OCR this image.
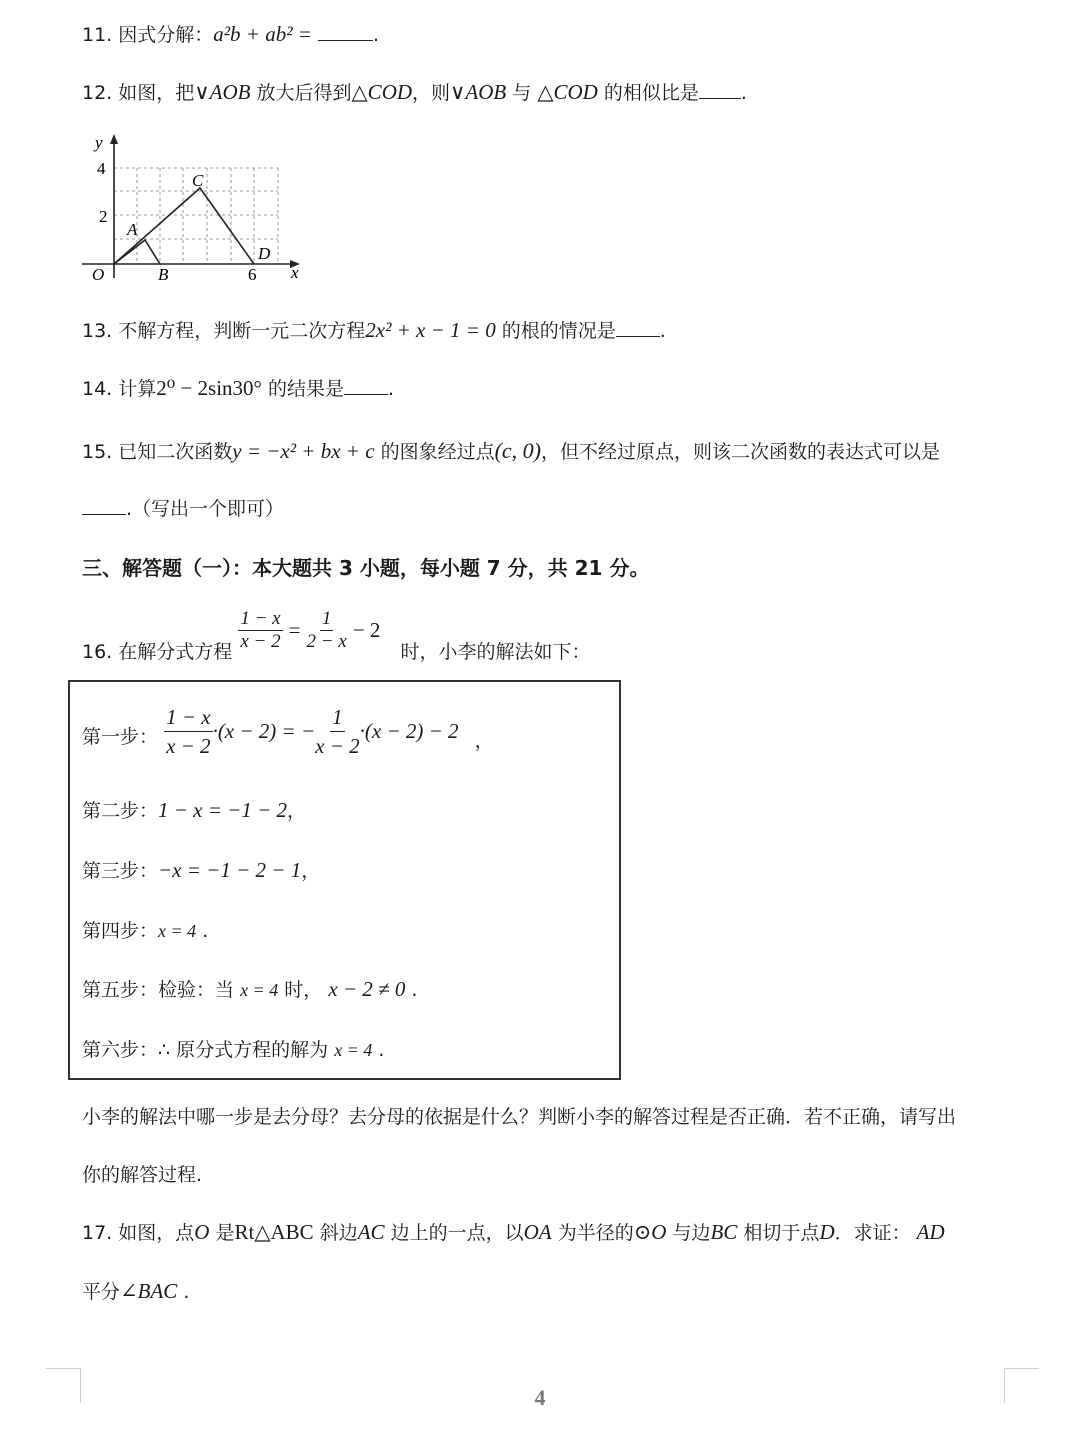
11. 因式分解：a²b + ab² =	.
12. 如图，把∨AOB 放大后得到△COD，则∨AOB 与 △COD 的相似比是 .
y
x
4
2
6
O
A
B
C
D
13. 不解方程，判断一元二次方程2x² + x − 1 = 0 的根的情况是 .
14. 计算2⁰ − 2sin30° 的结果是 .
15. 已知二次函数y = −x² + bx + c 的图象经过点(c, 0)，但不经过原点，则该二次函数的表达式可以是
.（写出一个即可）
三、解答题（一）：本大题共 3 小题，每小题 7 分，共 21 分。
16. 在解分式方程 $\frac{1 - x}{x - 2} = \frac{1}{2 - x} - 2$ 时，小李的解法如下：
第一步： $\frac{1 - x}{x - 2} \cdot(x - 2)$ = − $\frac{1}{x - 2} \cdot(x - 2) - 2$ ，
第二步：1 − x = −1 − 2，
第三步：−x = −1 − 2 − 1，
第四步：x = 4 .
第五步：检验：当 x = 4 时， x − 2 ≠ 0 .
第六步：∴ 原分式方程的解为 x = 4 .
小李的解法中哪一步是去分母？去分母的依据是什么？判断小李的解答过程是否正确．若不正确，请写出
你的解答过程.
17. 如图，点O 是Rt△ABC 斜边AC 边上的一点，以OA 为半径的⊙O 与边BC 相切于点D．求证： AD
平分∠BAC .
4
